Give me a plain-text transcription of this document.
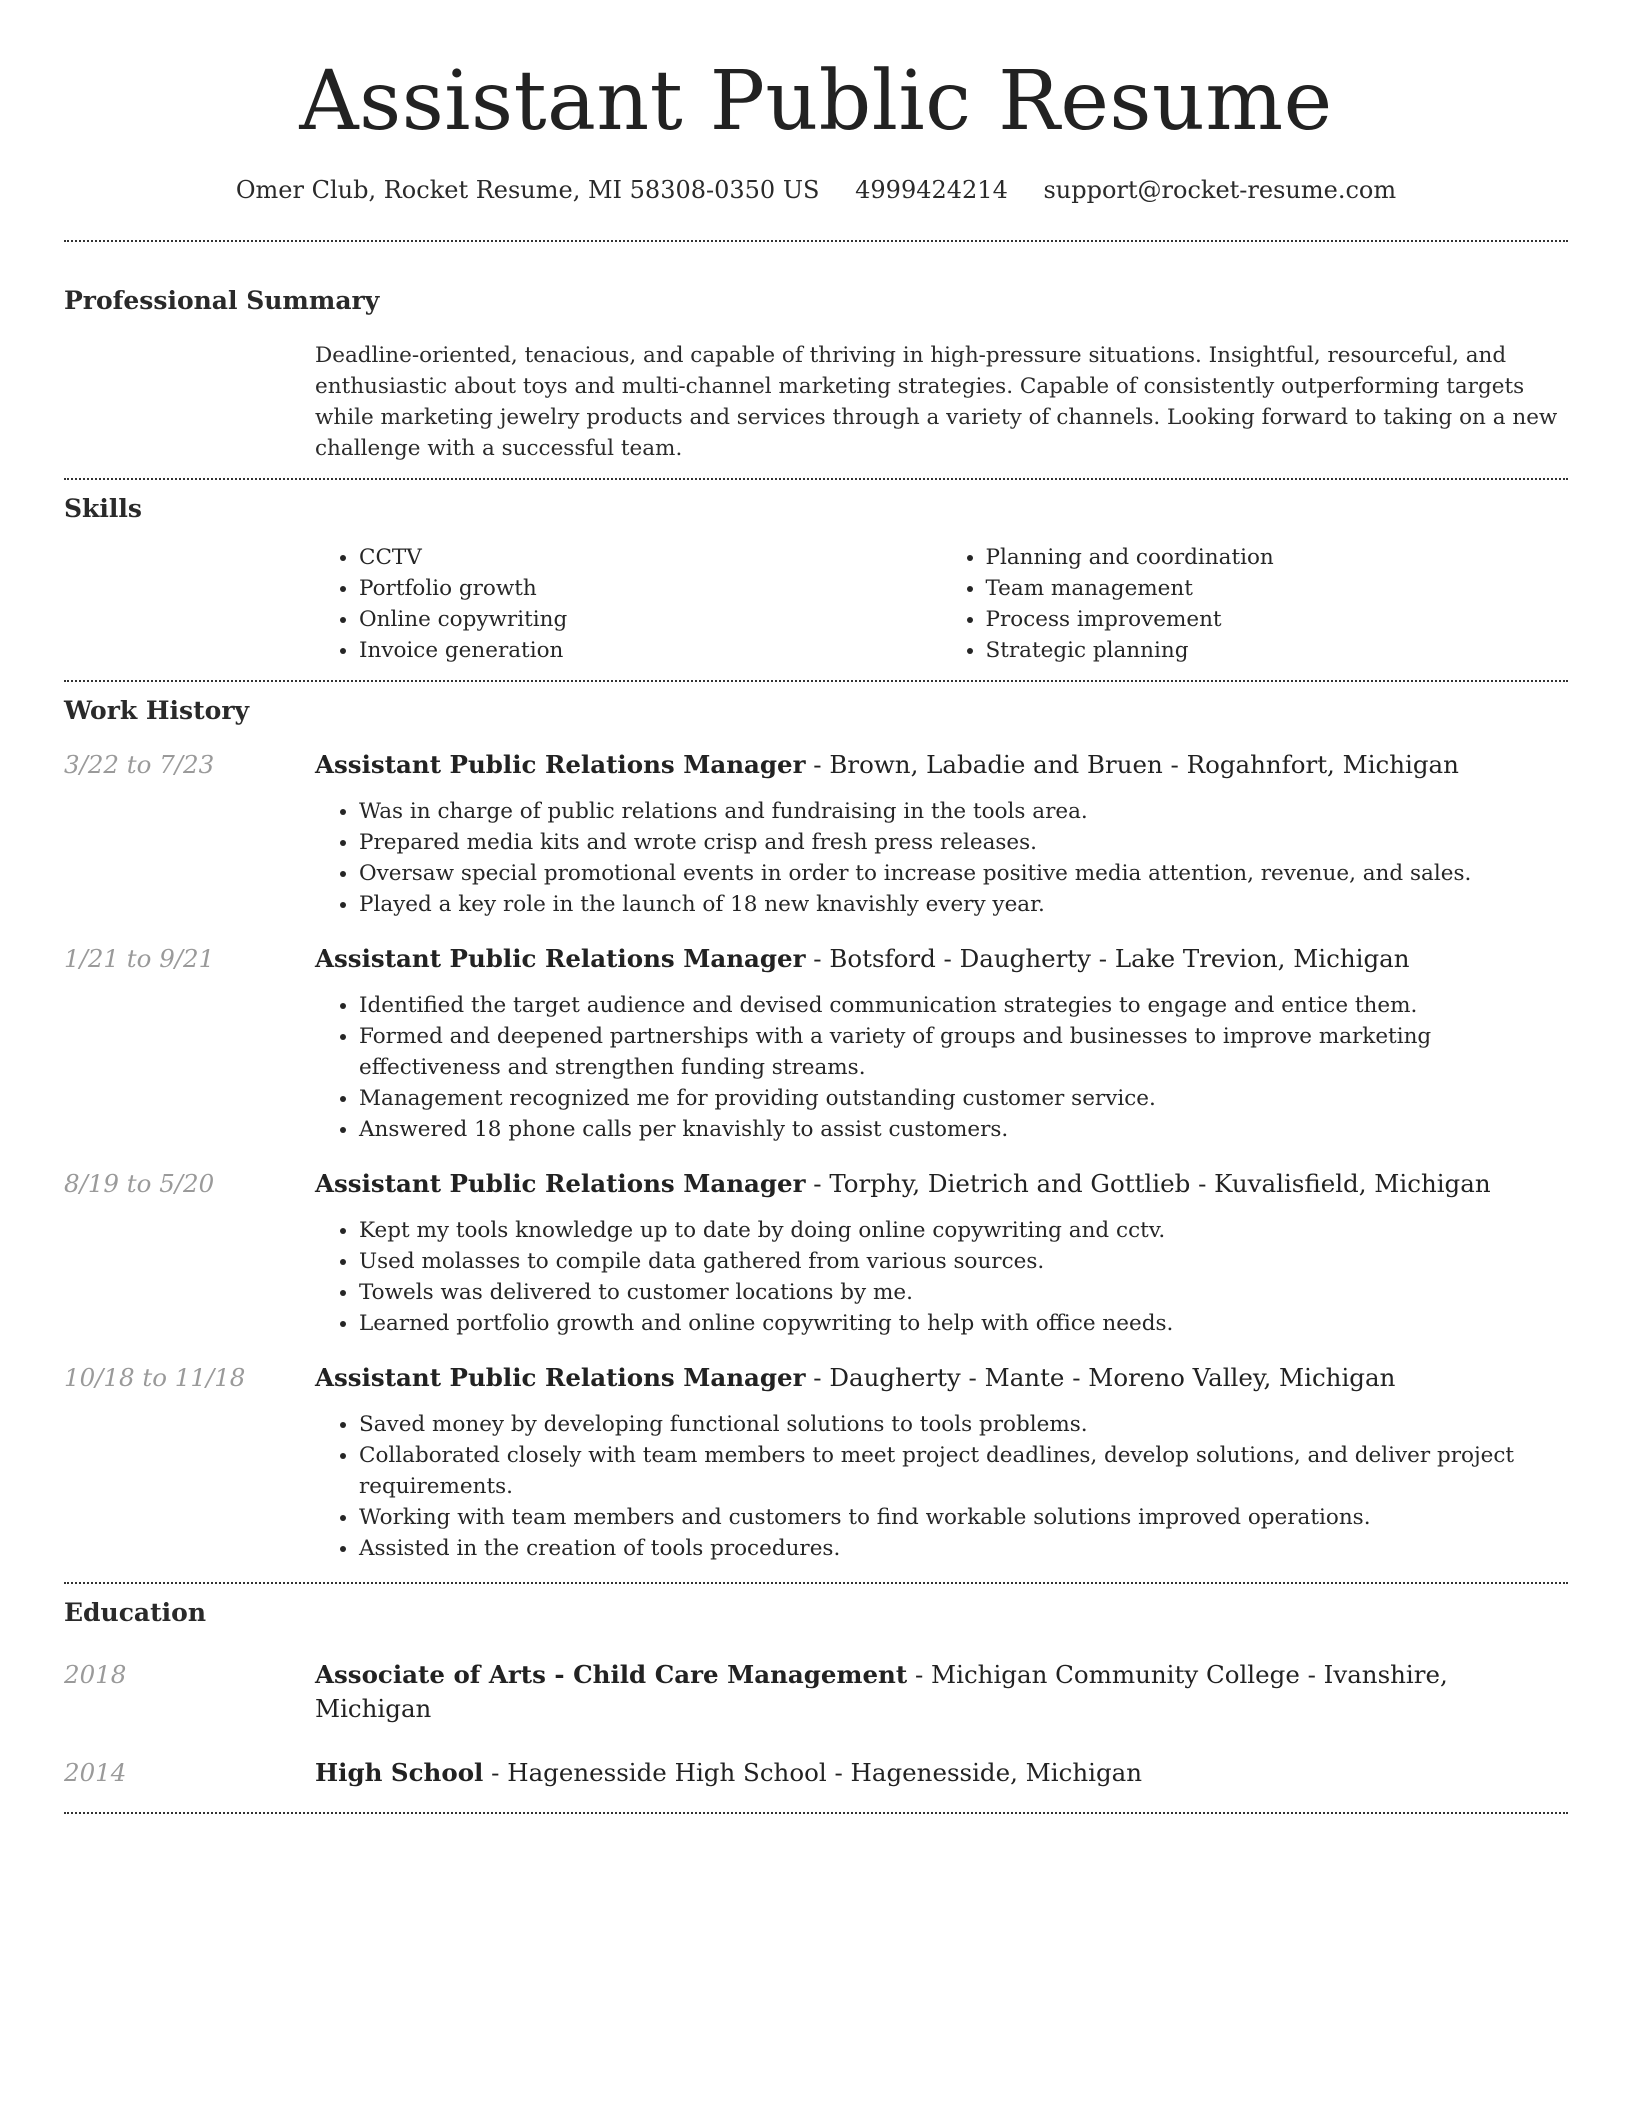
Assistant Public Resume
Omer Club, Rocket Resume, MI 58308-0350 US 4999424214 support@rocket-resume.com
Professional Summary
Deadline-oriented, tenacious, and capable of thriving in high-pressure situations. Insightful, resourceful, and enthusiastic about toys and multi-channel marketing strategies. Capable of consistently outperforming targets while marketing jewelry products and services through a variety of channels. Looking forward to taking on a new challenge with a successful team.
Skills
• CCTV
• Portfolio growth
• Online copywriting
• Invoice generation
• Planning and coordination
• Team management
• Process improvement
• Strategic planning
Work History
3/22 to 7/23	Assistant Public Relations Manager - Brown, Labadie and Bruen - Rogahnfort, Michigan
• Was in charge of public relations and fundraising in the tools area.
• Prepared media kits and wrote crisp and fresh press releases.
• Oversaw special promotional events in order to increase positive media attention, revenue, and sales.
• Played a key role in the launch of 18 new knavishly every year.
1/21 to 9/21	Assistant Public Relations Manager - Botsford - Daugherty - Lake Trevion, Michigan
• Identified the target audience and devised communication strategies to engage and entice them.
• Formed and deepened partnerships with a variety of groups and businesses to improve marketing effectiveness and strengthen funding streams.
• Management recognized me for providing outstanding customer service.
• Answered 18 phone calls per knavishly to assist customers.
8/19 to 5/20	Assistant Public Relations Manager - Torphy, Dietrich and Gottlieb - Kuvalisfield, Michigan
• Kept my tools knowledge up to date by doing online copywriting and cctv.
• Used molasses to compile data gathered from various sources.
• Towels was delivered to customer locations by me.
• Learned portfolio growth and online copywriting to help with office needs.
10/18 to 11/18	Assistant Public Relations Manager - Daugherty - Mante - Moreno Valley, Michigan
• Saved money by developing functional solutions to tools problems.
• Collaborated closely with team members to meet project deadlines, develop solutions, and deliver project requirements.
• Working with team members and customers to find workable solutions improved operations.
• Assisted in the creation of tools procedures.
Education
2018	Associate of Arts - Child Care Management - Michigan Community College - Ivanshire, Michigan
2014	High School - Hagenesside High School - Hagenesside, Michigan
